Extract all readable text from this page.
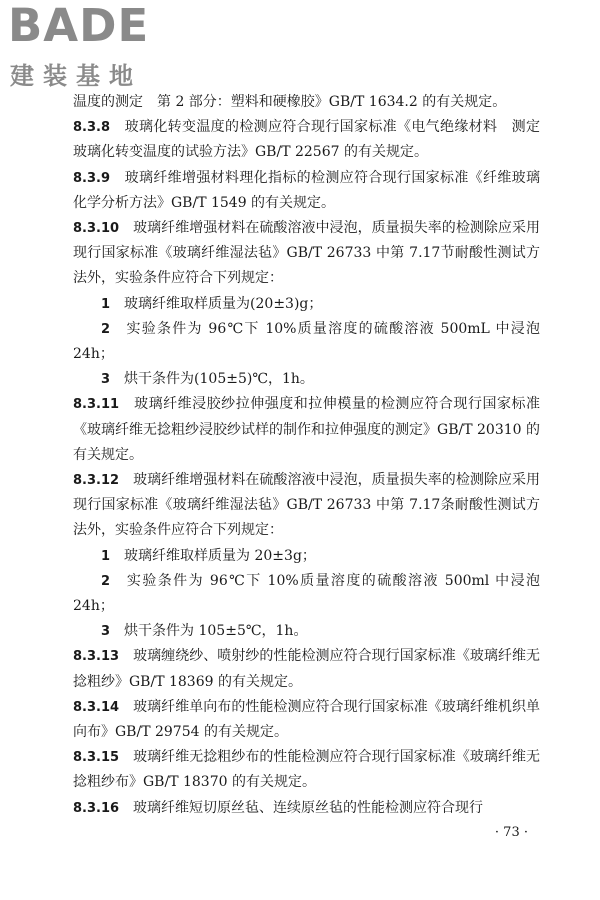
BADE
建装基地

温度的测定　第 2 部分：塑料和硬橡胶》GB/T 1634.2 的有关规定。

8.3.8　玻璃化转变温度的检测应符合现行国家标准《电气绝缘材料　测定玻璃化转变温度的试验方法》GB/T 22567 的有关规定。

8.3.9　玻璃纤维增强材料理化指标的检测应符合现行国家标准《纤维玻璃化学分析方法》GB/T 1549 的有关规定。

8.3.10　玻璃纤维增强材料在硫酸溶液中浸泡，质量损失率的检测除应采用现行国家标准《玻璃纤维湿法毡》GB/T 26733 中第 7.17节耐酸性测试方法外，实验条件应符合下列规定：

1　玻璃纤维取样质量为(20±3)g；

2　实验条件为 96℃下 10%质量溶度的硫酸溶液 500mL 中浸泡 24h；

3　烘干条件为(105±5)℃，1h。

8.3.11　玻璃纤维浸胶纱拉伸强度和拉伸模量的检测应符合现行国家标准《玻璃纤维无捻粗纱浸胶纱试样的制作和拉伸强度的测定》GB/T 20310 的有关规定。

8.3.12　玻璃纤维增强材料在硫酸溶液中浸泡，质量损失率的检测除应采用现行国家标准《玻璃纤维湿法毡》GB/T 26733 中第 7.17条耐酸性测试方法外，实验条件应符合下列规定：

1　玻璃纤维取样质量为 20±3g；

2　实验条件为 96℃下 10%质量溶度的硫酸溶液 500ml 中浸泡 24h；

3　烘干条件为 105±5℃，1h。

8.3.13　玻璃缠绕纱、喷射纱的性能检测应符合现行国家标准《玻璃纤维无捻粗纱》GB/T 18369 的有关规定。

8.3.14　玻璃纤维单向布的性能检测应符合现行国家标准《玻璃纤维机织单向布》GB/T 29754 的有关规定。

8.3.15　玻璃纤维无捻粗纱布的性能检测应符合现行国家标准《玻璃纤维无捻粗纱布》GB/T 18370 的有关规定。

8.3.16　玻璃纤维短切原丝毡、连续原丝毡的性能检测应符合现行

· 73 ·
